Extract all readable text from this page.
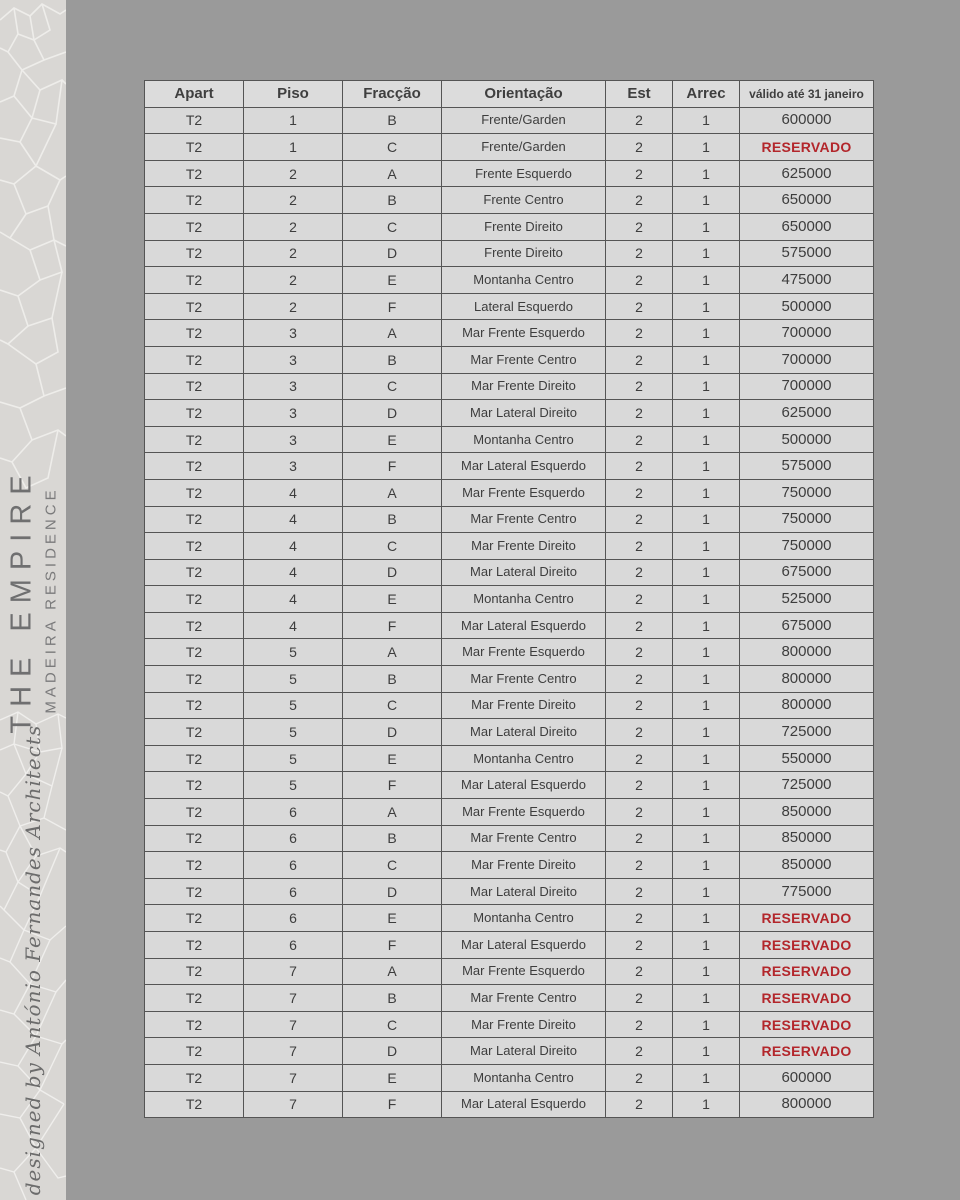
THE EMPIRE MADEIRA RESIDENCE
designed by António Fernandes Architects
Apart	Piso	Fracção	Orientação	Est	Arrec	válido até 31 janeiro
T2	1	B	Frente/Garden	2	1	600000
T2	1	C	Frente/Garden	2	1	RESERVADO
T2	2	A	Frente Esquerdo	2	1	625000
T2	2	B	Frente Centro	2	1	650000
T2	2	C	Frente Direito	2	1	650000
T2	2	D	Frente Direito	2	1	575000
T2	2	E	Montanha Centro	2	1	475000
T2	2	F	Lateral Esquerdo	2	1	500000
T2	3	A	Mar Frente Esquerdo	2	1	700000
T2	3	B	Mar Frente Centro	2	1	700000
T2	3	C	Mar Frente Direito	2	1	700000
T2	3	D	Mar Lateral Direito	2	1	625000
T2	3	E	Montanha Centro	2	1	500000
T2	3	F	Mar Lateral Esquerdo	2	1	575000
T2	4	A	Mar Frente Esquerdo	2	1	750000
T2	4	B	Mar Frente Centro	2	1	750000
T2	4	C	Mar Frente Direito	2	1	750000
T2	4	D	Mar Lateral Direito	2	1	675000
T2	4	E	Montanha Centro	2	1	525000
T2	4	F	Mar Lateral Esquerdo	2	1	675000
T2	5	A	Mar Frente Esquerdo	2	1	800000
T2	5	B	Mar Frente Centro	2	1	800000
T2	5	C	Mar Frente Direito	2	1	800000
T2	5	D	Mar Lateral Direito	2	1	725000
T2	5	E	Montanha Centro	2	1	550000
T2	5	F	Mar Lateral Esquerdo	2	1	725000
T2	6	A	Mar Frente Esquerdo	2	1	850000
T2	6	B	Mar Frente Centro	2	1	850000
T2	6	C	Mar Frente Direito	2	1	850000
T2	6	D	Mar Lateral Direito	2	1	775000
T2	6	E	Montanha Centro	2	1	RESERVADO
T2	6	F	Mar Lateral Esquerdo	2	1	RESERVADO
T2	7	A	Mar Frente Esquerdo	2	1	RESERVADO
T2	7	B	Mar Frente Centro	2	1	RESERVADO
T2	7	C	Mar Frente Direito	2	1	RESERVADO
T2	7	D	Mar Lateral Direito	2	1	RESERVADO
T2	7	E	Montanha Centro	2	1	600000
T2	7	F	Mar Lateral Esquerdo	2	1	800000
